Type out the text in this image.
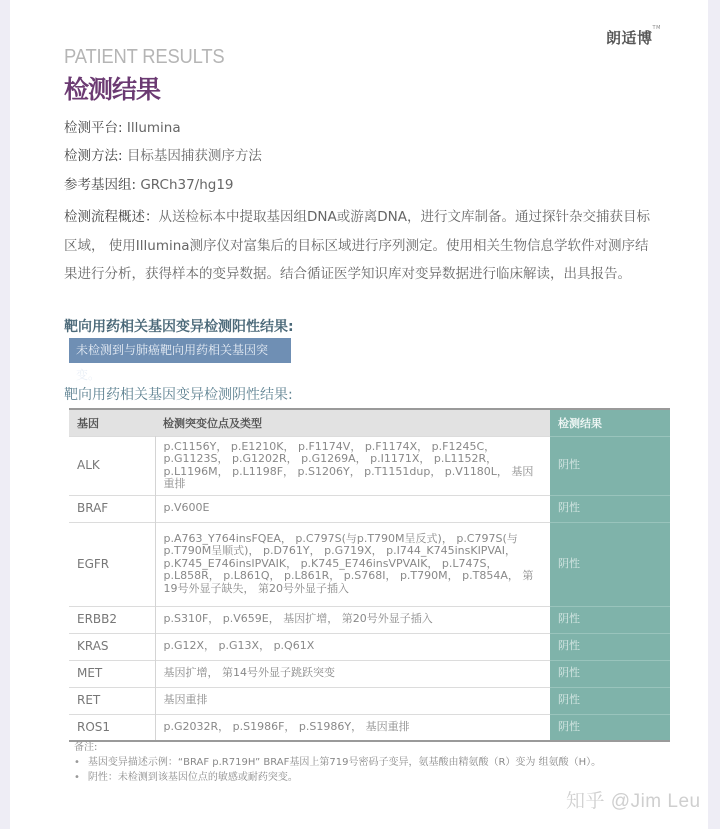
朗适博™
PATIENT RESULTS
检测结果
检测平台: Illumina
检测方法: 目标基因捕获测序方法
参考基因组: GRCh37/hg19
检测流程概述：从送检标本中提取基因组DNA或游离DNA，进行文库制备。通过探针杂交捕获目标区域， 使用Illumina测序仪对富集后的目标区域进行序列测定。使用相关生物信息学软件对测序结果进行分析，获得样本的变异数据。结合循证医学知识库对变异数据进行临床解读，出具报告。
靶向用药相关基因变异检测阳性结果:
未检测到与肺癌靶向用药相关基因突变。
靶向用药相关基因变异检测阴性结果:
基因	检测突变位点及类型	检测结果
ALK	p.C1156Y， p.E1210K， p.F1174V， p.F1174X， p.F1245C， p.G1123S， p.G1202R， p.G1269A， p.I1171X， p.L1152R， p.L1196M， p.L1198F， p.S1206Y， p.T1151dup， p.V1180L， 基因重排	阴性
BRAF	p.V600E	阴性
EGFR	p.A763_Y764insFQEA， p.C797S(与p.T790M呈反式)， p.C797S(与p.T790M呈顺式)， p.D761Y， p.G719X， p.I744_K745insKIPVAI， p.K745_E746insIPVAIK， p.K745_E746insVPVAIK， p.L747S， p.L858R， p.L861Q， p.L861R， p.S768I， p.T790M， p.T854A， 第19号外显子缺失， 第20号外显子插入	阴性
ERBB2	p.S310F， p.V659E， 基因扩增， 第20号外显子插入	阴性
KRAS	p.G12X， p.G13X， p.Q61X	阴性
MET	基因扩增， 第14号外显子跳跃突变	阴性
RET	基因重排	阴性
ROS1	p.G2032R， p.S1986F， p.S1986Y， 基因重排	阴性
备注:
• 基因变异描述示例：“BRAF p.R719H” BRAF基因上第719号密码子变异，氨基酸由精氨酸（R）变为 组氨酸（H）。
• 阴性：未检测到该基因位点的敏感或耐药突变。
知乎 @Jim Leu
